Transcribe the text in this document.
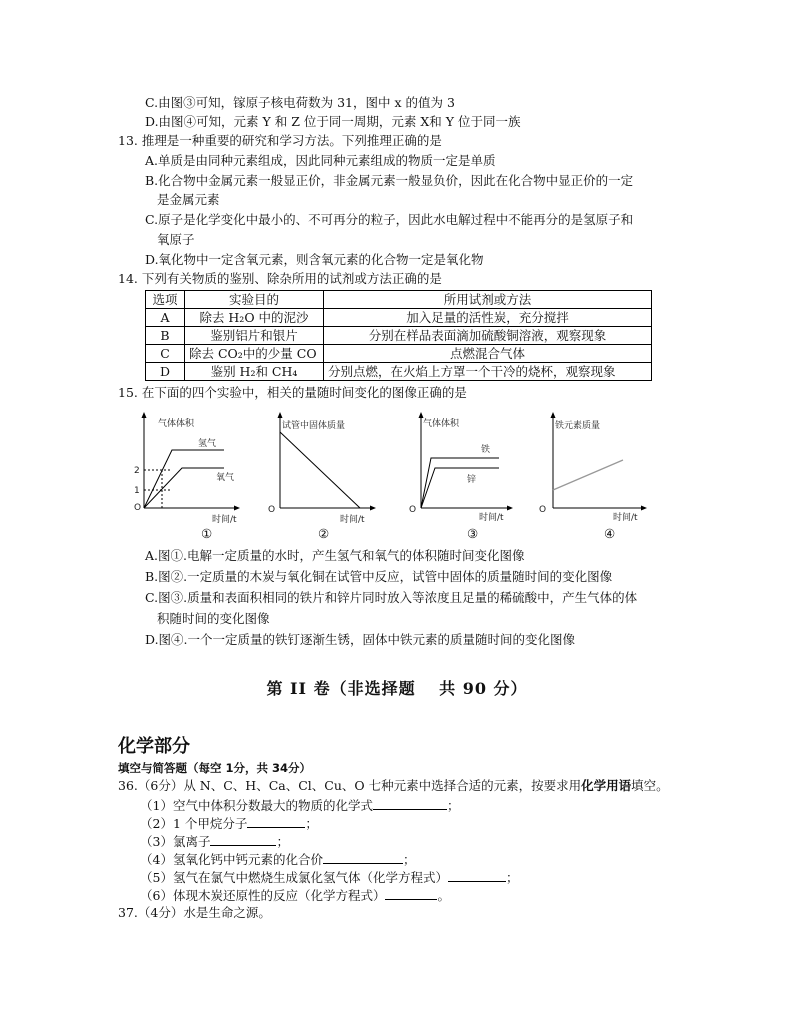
C.由图③可知，镓原子核电荷数为 31，图中 x 的值为 3
D.由图④可知，元素 Y 和 Z 位于同一周期，元素 X和 Y 位于同一族
13. 推理是一种重要的研究和学习方法。下列推理正确的是
A.单质是由同种元素组成，因此同种元素组成的物质一定是单质
B.化合物中金属元素一般显正价，非金属元素一般显负价，因此在化合物中显正价的一定
是金属元素
C.原子是化学变化中最小的、不可再分的粒子，因此水电解过程中不能再分的是氢原子和
氧原子
D.氧化物中一定含氧元素，则含氧元素的化合物一定是氧化物
14. 下列有关物质的鉴别、除杂所用的试剂或方法正确的是
选项	实验目的	所用试剂或方法
A	除去 H₂O 中的泥沙	加入足量的活性炭，充分搅拌
B	鉴别铝片和银片	分别在样品表面滴加硫酸铜溶液，观察现象
C	除去 CO₂中的少量 CO	点燃混合气体
D	鉴别 H₂和 CH₄	分别点燃，在火焰上方罩一个干冷的烧杯，观察现象
15. 在下面的四个实验中，相关的量随时间变化的图像正确的是
气体体积
时间/t
O
2
1
氢气
氧气
①
试管中固体质量
时间/t
O
②
气体体积
时间/t
O
铁
锌
③
铁元素质量
时间/t
O
④
A.图①.电解一定质量的水时，产生氢气和氧气的体积随时间变化图像
B.图②.一定质量的木炭与氧化铜在试管中反应，试管中固体的质量随时间的变化图像
C.图③.质量和表面积相同的铁片和锌片同时放入等浓度且足量的稀硫酸中，产生气体的体
积随时间的变化图像
D.图④.一个一定质量的铁钉逐渐生锈，固体中铁元素的质量随时间的变化图像
第 II 卷（非选择题　 共 90 分）
化学部分
填空与简答题（每空 1分，共 34分）
36.（6分）从 N、C、H、Ca、Cl、Cu、O 七种元素中选择合适的元素，按要求用化学用语填空。
（1）空气中体积分数最大的物质的化学式	；
（2）1 个甲烷分子	；
（3）氯离子	；
（4）氢氧化钙中钙元素的化合价	；
（5）氢气在氯气中燃烧生成氯化氢气体（化学方程式）	；
（6）体现木炭还原性的反应（化学方程式）	。
37.（4分）水是生命之源。
